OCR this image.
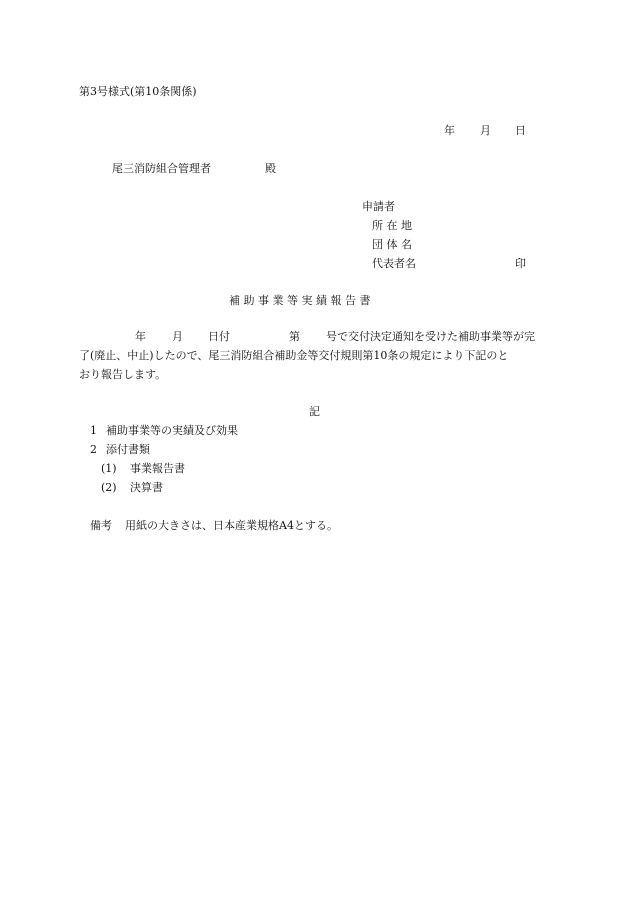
第3号様式(第10条関係)
年 月 日
尾三消防組合管理者	殿
申請者
所 在 地
団 体 名
代表者名	印
補 助 事 業 等 実 績 報 告 書
年 月 日付	第 号で交付決定通知を受けた補助事業等が完
了(廃止、中止)したので、尾三消防組合補助金等交付規則第10条の規定により下記のと
おり報告します。
記
1 補助事業等の実績及び効果
2 添付書類
(1) 事業報告書
(2) 決算書
備考 用紙の大きさは、日本産業規格A4とする。
